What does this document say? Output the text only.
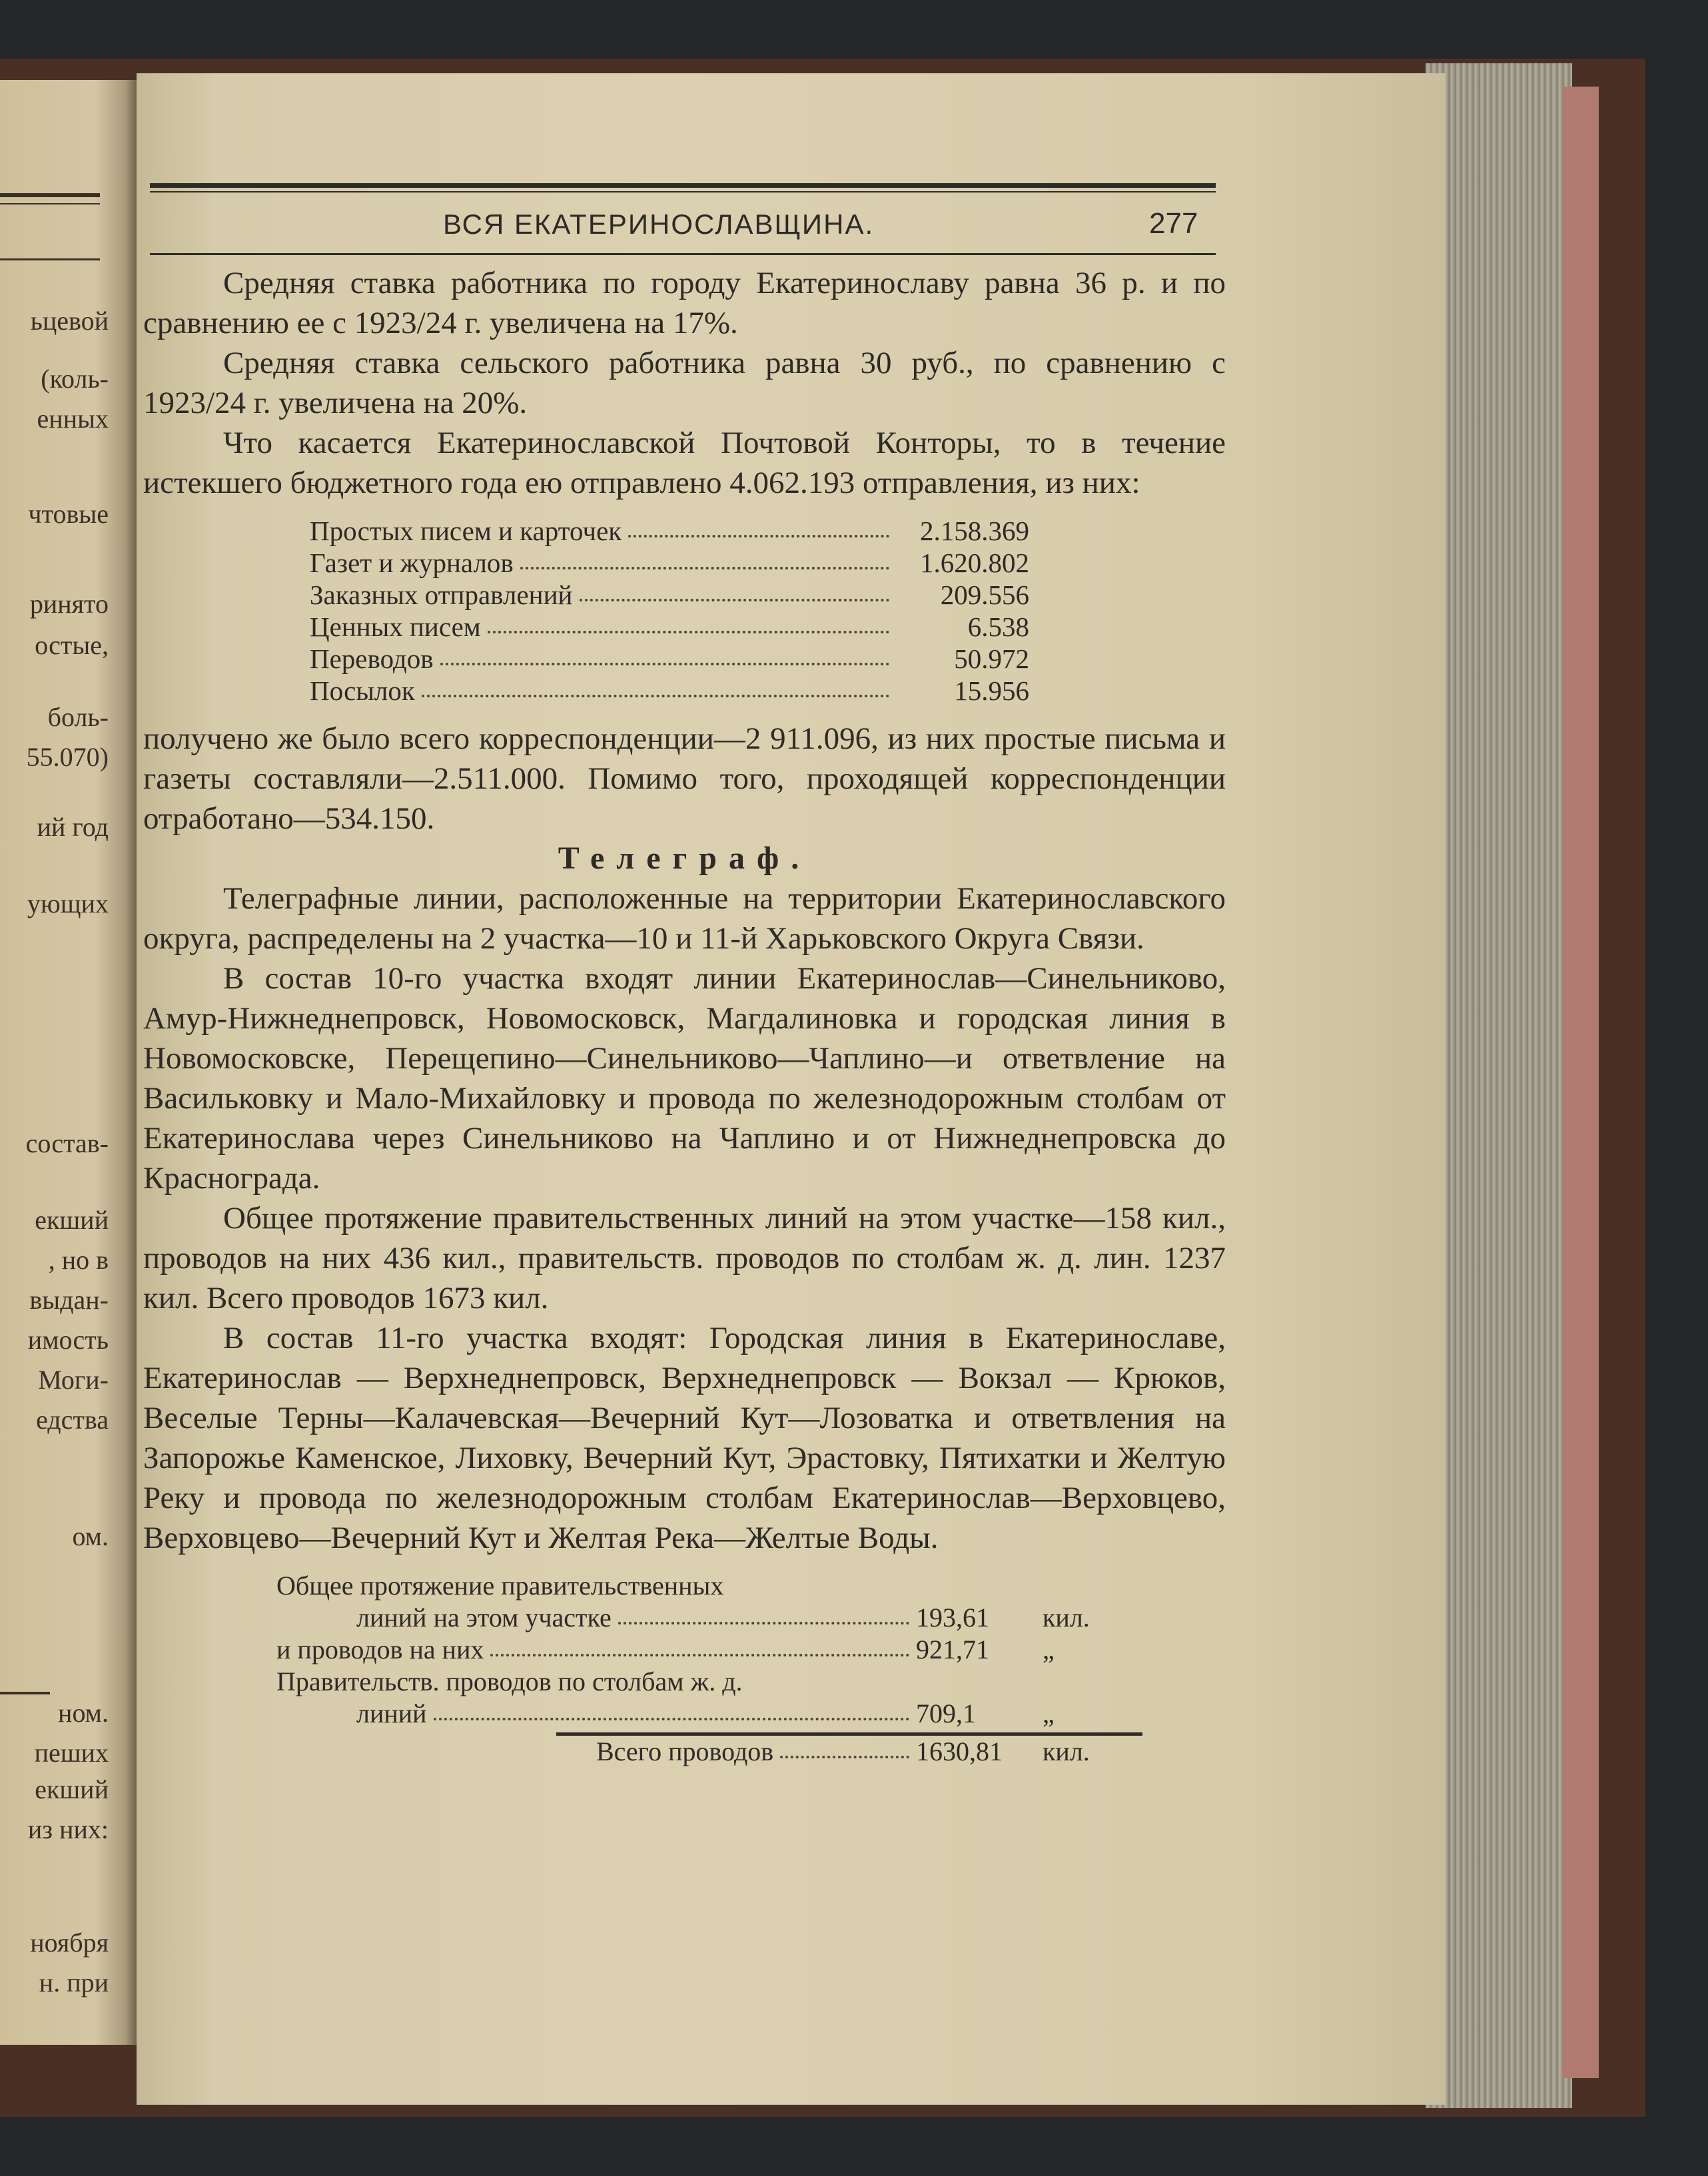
ьцевой
(коль-
енных
чтовые
ринято
остые,
боль-
55.070)
ий год
ующих
состав-
екший
, но в
выдан-
имость
Моги-
едства
ом.
ном.
пеших
екший
из них:
ноября
н. при
ВСЯ ЕКАТЕРИНОСЛАВЩИНА.	277

Средняя ставка работника по городу Екатеринославу равна 36 р. и по сравнению ее с 1923/24 г. увеличена на 17%.

Средняя ставка сельского работника равна 30 руб., по сравнению с 1923/24 г. увеличена на 20%.

Что касается Екатеринославской Почтовой Конторы, то в течение истекшего бюджетного года ею отправлено 4.062.193 отправления, из них:

Простых писем и карточек	2.158.369
Газет и журналов	1.620.802
Заказных отправлений	209.556
Ценных писем	6.538
Переводов	50.972
Посылок	15.956

получено же было всего корреспонденции—2 911.096, из них простые письма и газеты составляли—2.511.000. Помимо того, проходящей корреспонденции отработано—534.150.

Телеграф.

Телеграфные линии, расположенные на территории Екатеринославского округа, распределены на 2 участка—10 и 11-й Харьковского Округа Связи.

В состав 10-го участка входят линии Екатеринослав—Синельниково, Амур-Нижнеднепровск, Новомосковск, Магдалиновка и городская линия в Новомосковске, Перещепино—Синельниково—Чаплино—и ответвление на Васильковку и Мало-Михайловку и провода по железнодорожным столбам от Екатеринослава через Синельниково на Чаплино и от Нижнеднепровска до Краснограда.

Общее протяжение правительственных линий на этом участке—158 кил., проводов на них 436 кил., правительств. проводов по столбам ж. д. лин. 1237 кил. Всего проводов 1673 кил.

В состав 11-го участка входят: Городская линия в Екатеринославе, Екатеринослав — Верхнеднепровск, Верхнеднепровск — Вокзал — Крюков, Веселые Терны—Калачевская—Вечерний Кут—Лозоватка и ответвления на Запорожье Каменское, Лиховку, Вечерний Кут, Эрастовку, Пятихатки и Желтую Реку и провода по железнодорожным столбам Екатеринослав—Верховцево, Верховцево—Вечерний Кут и Желтая Река—Желтые Воды.

Общее протяжение правительственных
линий на этом участке	193,61	кил.
и проводов на них	921,71	„
Правительств. проводов по столбам ж. д.
линий	709,1	„
Всего проводов	1630,81	кил.
